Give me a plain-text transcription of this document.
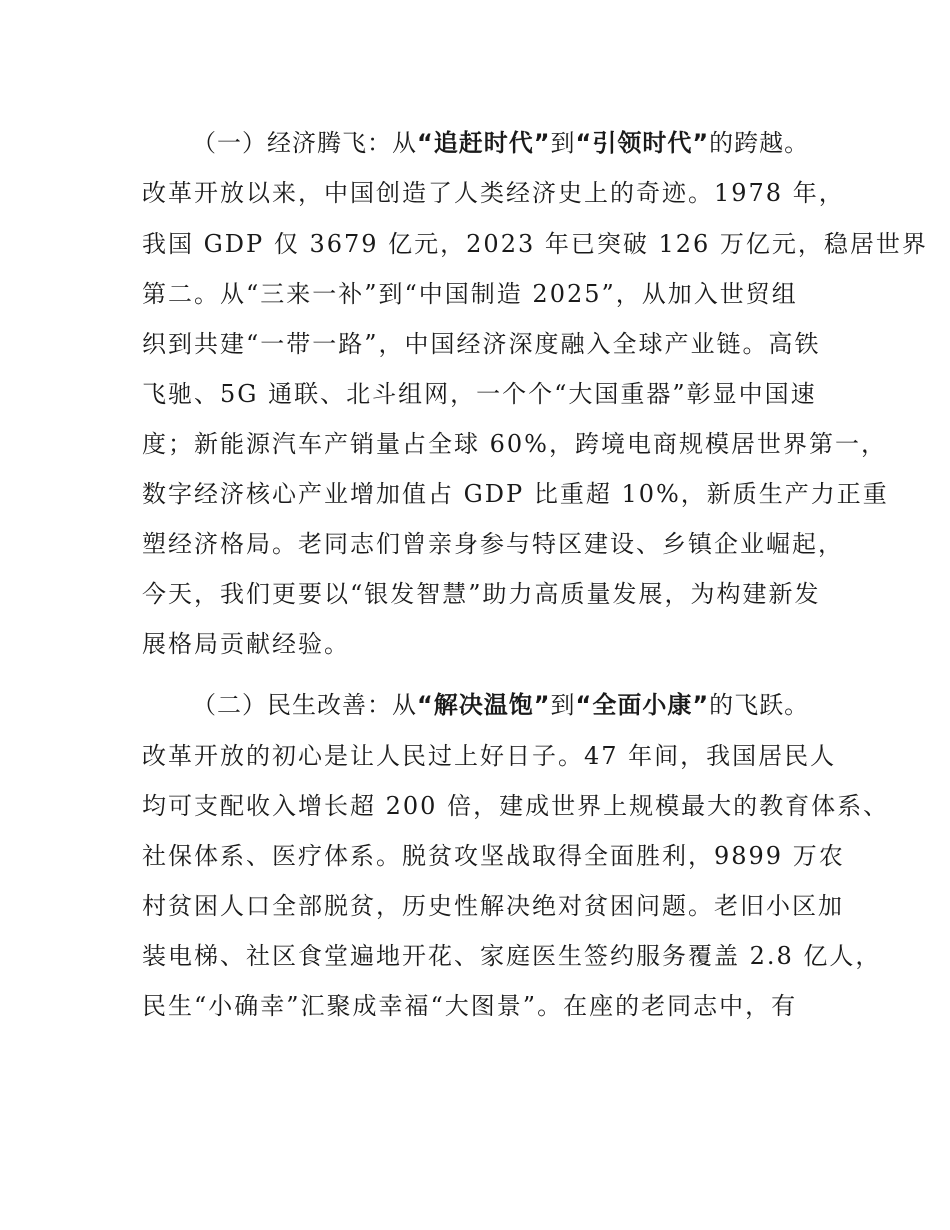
（一）经济腾飞：从“追赶时代”到“引领时代”的跨越。
改革开放以来，中国创造了人类经济史上的奇迹。1978 年，
我国 GDP 仅 3679 亿元，2023 年已突破 126 万亿元，稳居世界
第二。从“三来一补”到“中国制造 2025”，从加入世贸组
织到共建“一带一路”，中国经济深度融入全球产业链。高铁
飞驰、5G 通联、北斗组网，一个个“大国重器”彰显中国速
度；新能源汽车产销量占全球 60%，跨境电商规模居世界第一，
数字经济核心产业增加值占 GDP 比重超 10%，新质生产力正重
塑经济格局。老同志们曾亲身参与特区建设、乡镇企业崛起，
今天，我们更要以“银发智慧”助力高质量发展，为构建新发
展格局贡献经验。
（二）民生改善：从“解决温饱”到“全面小康”的飞跃。
改革开放的初心是让人民过上好日子。47 年间，我国居民人
均可支配收入增长超 200 倍，建成世界上规模最大的教育体系、
社保体系、医疗体系。脱贫攻坚战取得全面胜利，9899 万农
村贫困人口全部脱贫，历史性解决绝对贫困问题。老旧小区加
装电梯、社区食堂遍地开花、家庭医生签约服务覆盖 2.8 亿人，
民生“小确幸”汇聚成幸福“大图景”。在座的老同志中，有
